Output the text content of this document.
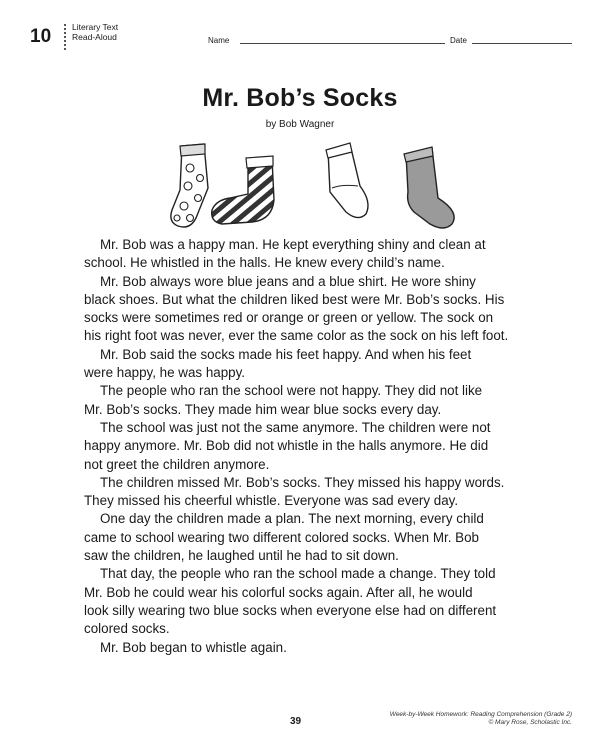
10 Literary Text
Read-Aloud	Name	Date
Mr. Bob’s Socks
by Bob Wagner

Mr. Bob was a happy man. He kept everything shiny and clean at
school. He whistled in the halls. He knew every child’s name.

Mr. Bob always wore blue jeans and a blue shirt. He wore shiny
black shoes. But what the children liked best were Mr. Bob’s socks. His
socks were sometimes red or orange or green or yellow. The sock on
his right foot was never, ever the same color as the sock on his left foot.

Mr. Bob said the socks made his feet happy. And when his feet
were happy, he was happy.

The people who ran the school were not happy. They did not like
Mr. Bob’s socks. They made him wear blue socks every day.

The school was just not the same anymore. The children were not
happy anymore. Mr. Bob did not whistle in the halls anymore. He did
not greet the children anymore.

The children missed Mr. Bob’s socks. They missed his happy words.
They missed his cheerful whistle. Everyone was sad every day.

One day the children made a plan. The next morning, every child
came to school wearing two different colored socks. When Mr. Bob
saw the children, he laughed until he had to sit down.

That day, the people who ran the school made a change. They told
Mr. Bob he could wear his colorful socks again. After all, he would
look silly wearing two blue socks when everyone else had on different
colored socks.

Mr. Bob began to whistle again.

39
Week-by-Week Homework: Reading Comprehension (Grade 2)
© Mary Rose, Scholastic Inc.
